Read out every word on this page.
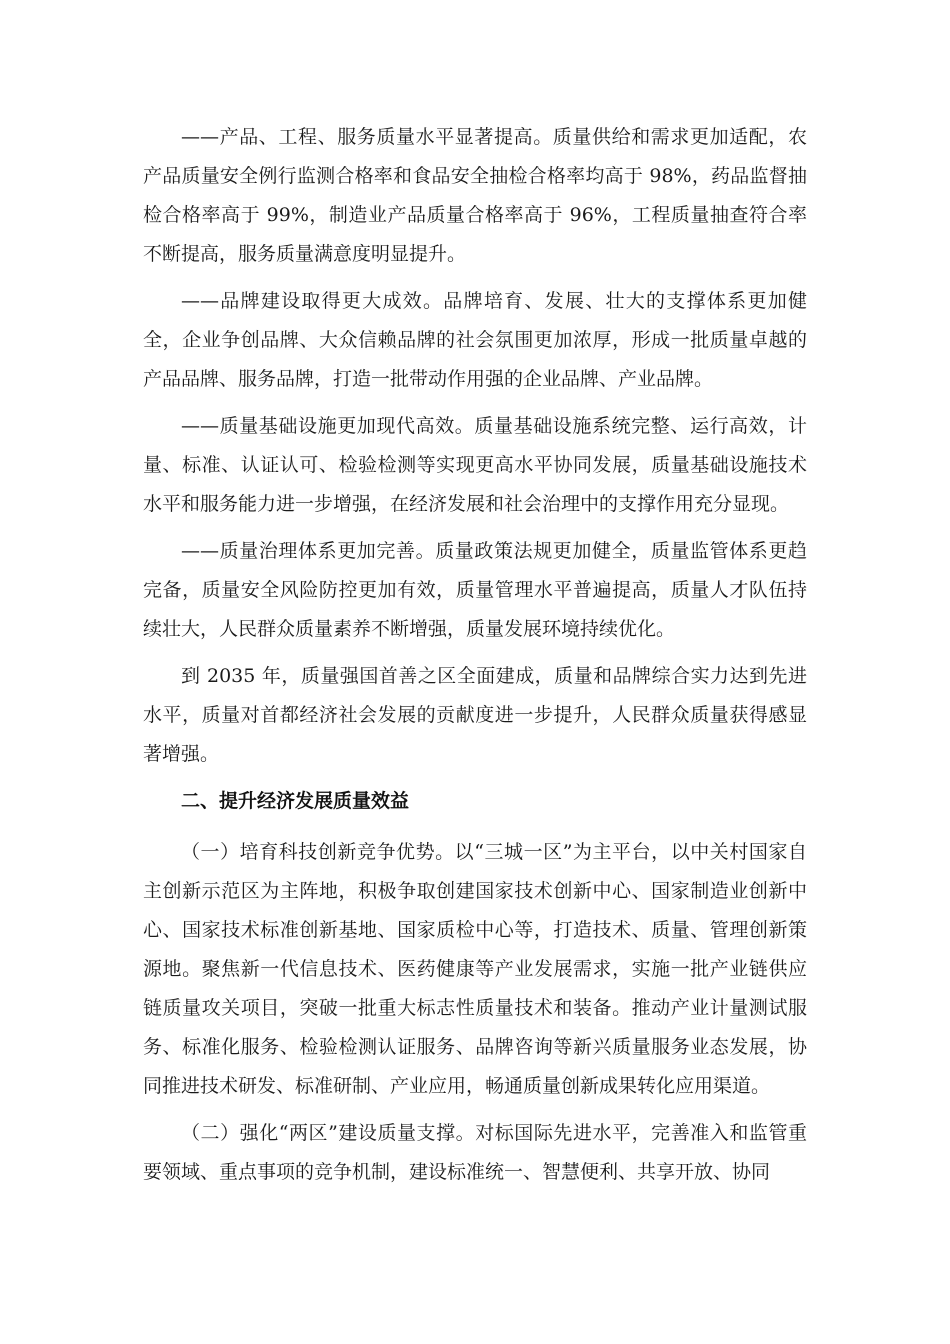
——产品、工程、服务质量水平显著提高。质量供给和需求更加适配，农产品质量安全例行监测合格率和食品安全抽检合格率均高于 98%，药品监督抽检合格率高于 99%，制造业产品质量合格率高于 96%，工程质量抽查符合率不断提高，服务质量满意度明显提升。

——品牌建设取得更大成效。品牌培育、发展、壮大的支撑体系更加健全，企业争创品牌、大众信赖品牌的社会氛围更加浓厚，形成一批质量卓越的产品品牌、服务品牌，打造一批带动作用强的企业品牌、产业品牌。

——质量基础设施更加现代高效。质量基础设施系统完整、运行高效，计量、标准、认证认可、检验检测等实现更高水平协同发展，质量基础设施技术水平和服务能力进一步增强，在经济发展和社会治理中的支撑作用充分显现。

——质量治理体系更加完善。质量政策法规更加健全，质量监管体系更趋完备，质量安全风险防控更加有效，质量管理水平普遍提高，质量人才队伍持续壮大，人民群众质量素养不断增强，质量发展环境持续优化。

到 2035 年，质量强国首善之区全面建成，质量和品牌综合实力达到先进水平，质量对首都经济社会发展的贡献度进一步提升，人民群众质量获得感显著增强。

二、提升经济发展质量效益

（一）培育科技创新竞争优势。以“三城一区”为主平台，以中关村国家自主创新示范区为主阵地，积极争取创建国家技术创新中心、国家制造业创新中心、国家技术标准创新基地、国家质检中心等，打造技术、质量、管理创新策源地。聚焦新一代信息技术、医药健康等产业发展需求，实施一批产业链供应链质量攻关项目，突破一批重大标志性质量技术和装备。推动产业计量测试服务、标准化服务、检验检测认证服务、品牌咨询等新兴质量服务业态发展，协同推进技术研发、标准研制、产业应用，畅通质量创新成果转化应用渠道。

（二）强化“两区”建设质量支撑。对标国际先进水平，完善准入和监管重要领域、重点事项的竞争机制，建设标准统一、智慧便利、共享开放、协同
